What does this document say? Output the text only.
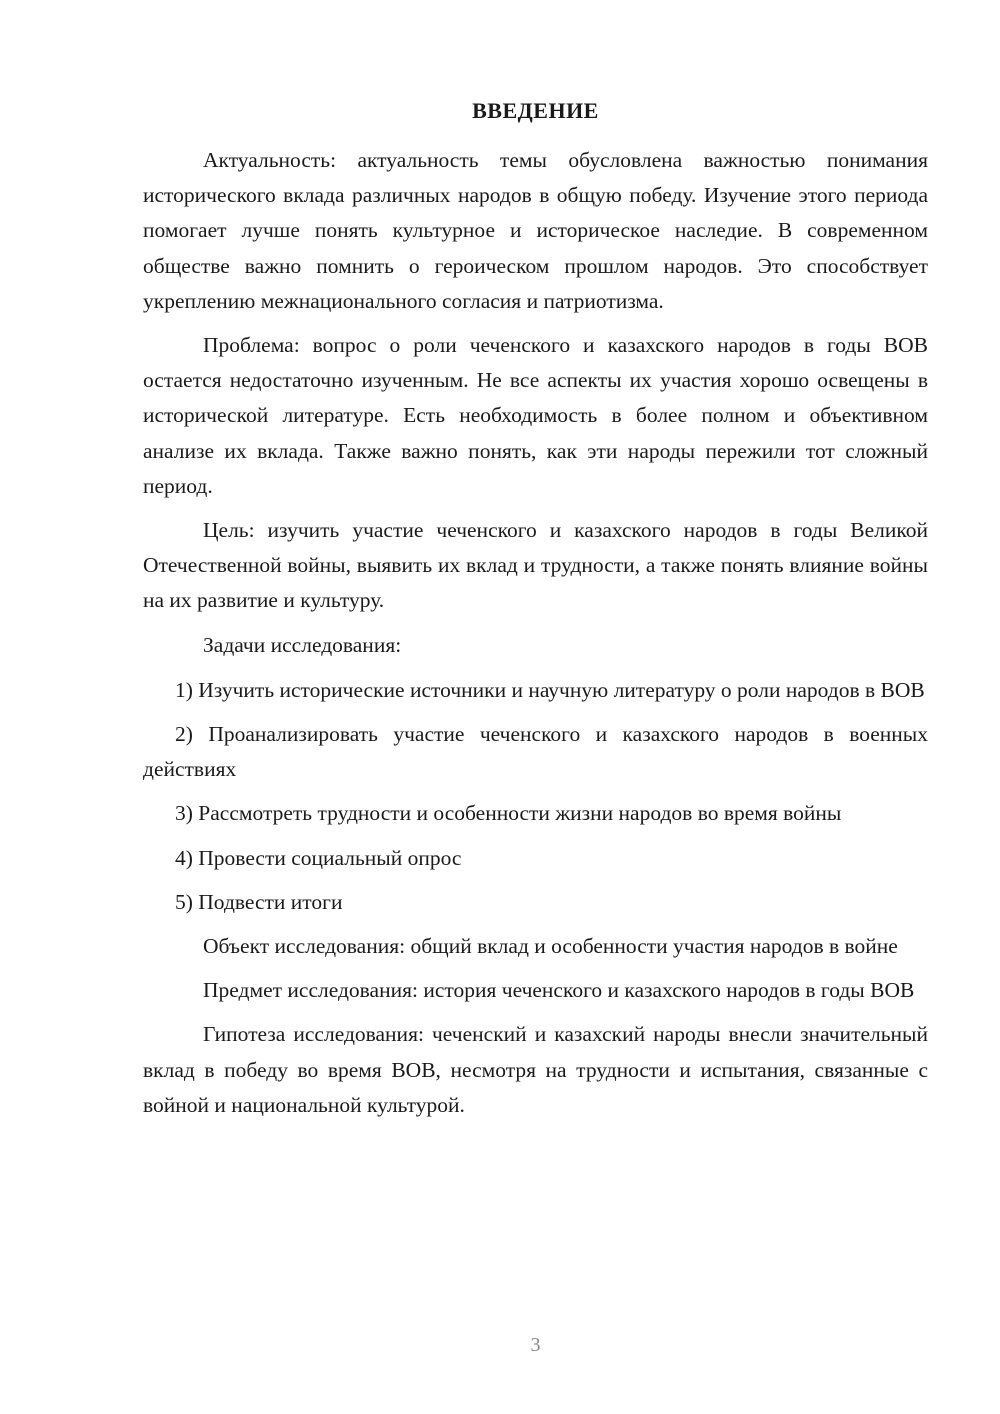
ВВЕДЕНИЕ

Актуальность: актуальность темы обусловлена важностью понимания исторического вклада различных народов в общую победу. Изучение этого периода помогает лучше понять культурное и историческое наследие. В современном обществе важно помнить о героическом прошлом народов. Это способствует укреплению межнационального согласия и патриотизма.

Проблема: вопрос о роли чеченского и казахского народов в годы ВОВ остается недостаточно изученным. Не все аспекты их участия хорошо освещены в исторической литературе. Есть необходимость в более полном и объективном анализе их вклада. Также важно понять, как эти народы пережили тот сложный период.

Цель: изучить участие чеченского и казахского народов в годы Великой Отечественной войны, выявить их вклад и трудности, а также понять влияние войны на их развитие и культуру.

Задачи исследования:

1) Изучить исторические источники и научную литературу о роли народов в ВОВ

2) Проанализировать участие чеченского и казахского народов в военных действиях

3) Рассмотреть трудности и особенности жизни народов во время войны

4) Провести социальный опрос

5) Подвести итоги

Объект исследования: общий вклад и особенности участия народов в войне

Предмет исследования: история чеченского и казахского народов в годы ВОВ

Гипотеза исследования: чеченский и казахский народы внесли значительный вклад в победу во время ВОВ, несмотря на трудности и испытания, связанные с войной и национальной культурой.

3
